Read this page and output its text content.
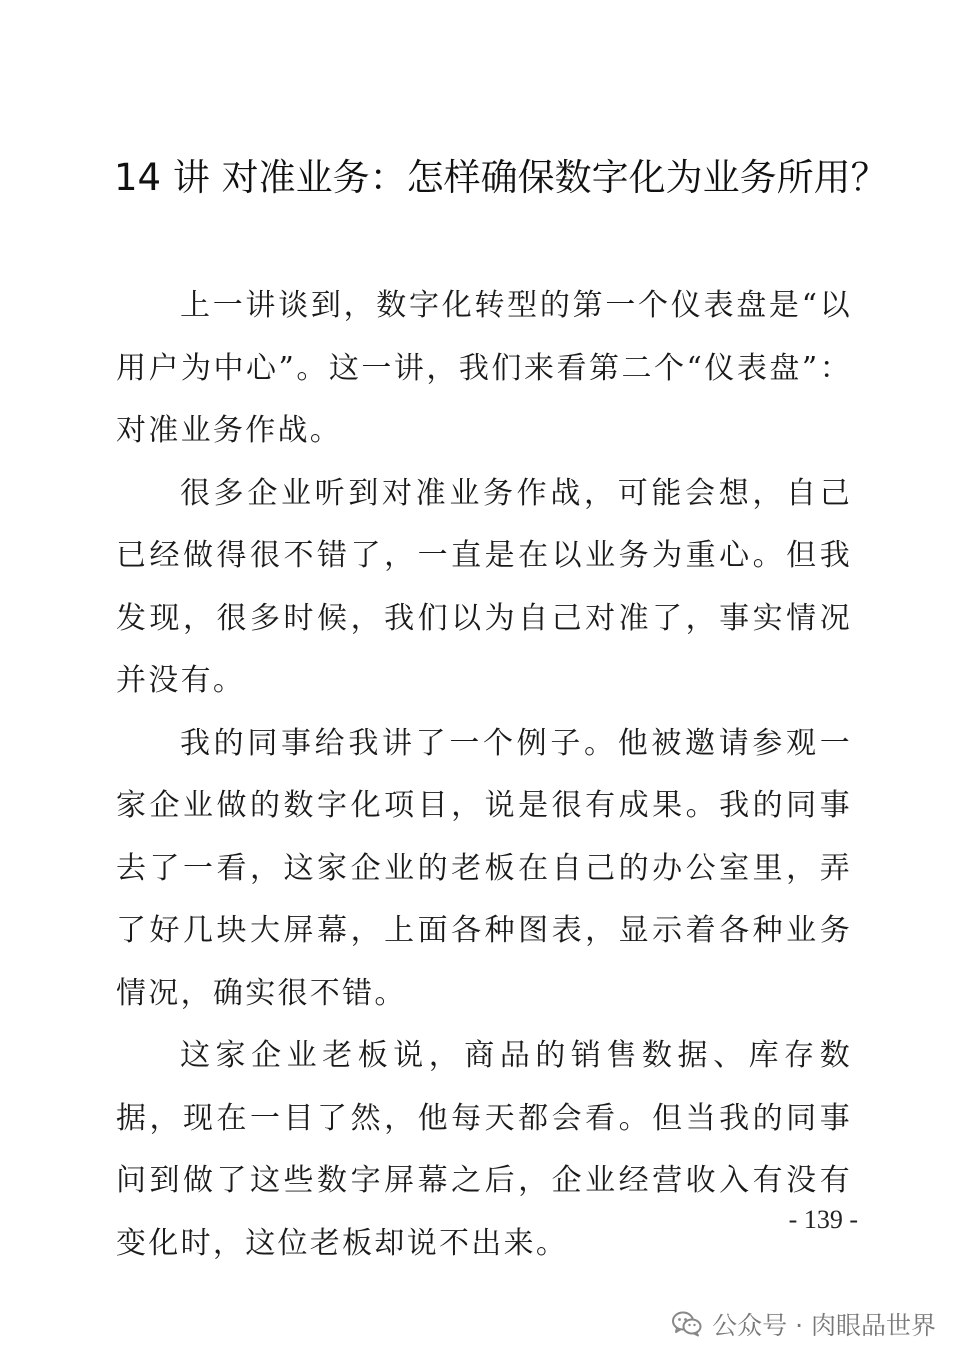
14 讲 对准业务：怎样确保数字化为业务所用？

上一讲谈到，数字化转型的第一个仪表盘是“以用户为中心”。这一讲，我们来看第二个“仪表盘”：对准业务作战。

很多企业听到对准业务作战，可能会想，自己已经做得很不错了，一直是在以业务为重心。但我发现，很多时候，我们以为自己对准了，事实情况并没有。

我的同事给我讲了一个例子。他被邀请参观一家企业做的数字化项目，说是很有成果。我的同事去了一看，这家企业的老板在自己的办公室里，弄了好几块大屏幕，上面各种图表，显示着各种业务情况，确实很不错。

这家企业老板说，商品的销售数据、库存数据，现在一目了然，他每天都会看。但当我的同事问到做了这些数字屏幕之后，企业经营收入有没有变化时，这位老板却说不出来。

- 139 -
公众号 · 肉眼品世界
